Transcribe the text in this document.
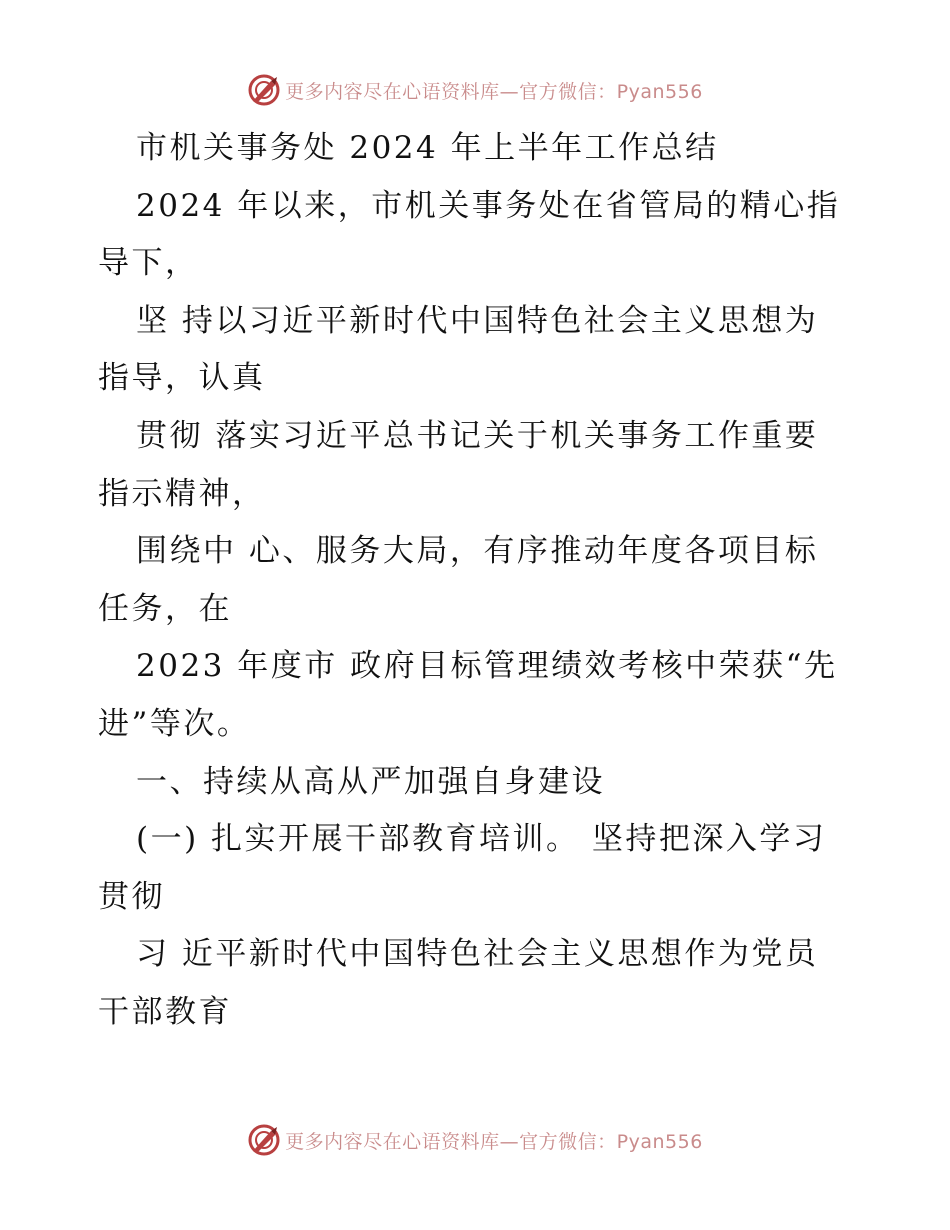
更多内容尽在心语资料库—官方微信：Pyan556

市机关事务处 2024 年上半年工作总结

2024 年以来，市机关事务处在省管局的精心指
导下，

坚 持以习近平新时代中国特色社会主义思想为
指导，认真

贯彻 落实习近平总书记关于机关事务工作重要
指示精神，

围绕中 心、服务大局，有序推动年度各项目标
任务，在

2023 年度市 政府目标管理绩效考核中荣获“先
进”等次。

一、持续从高从严加强自身建设

(一) 扎实开展干部教育培训。 坚持把深入学习
贯彻

习 近平新时代中国特色社会主义思想作为党员
干部教育

更多内容尽在心语资料库—官方微信：Pyan556
